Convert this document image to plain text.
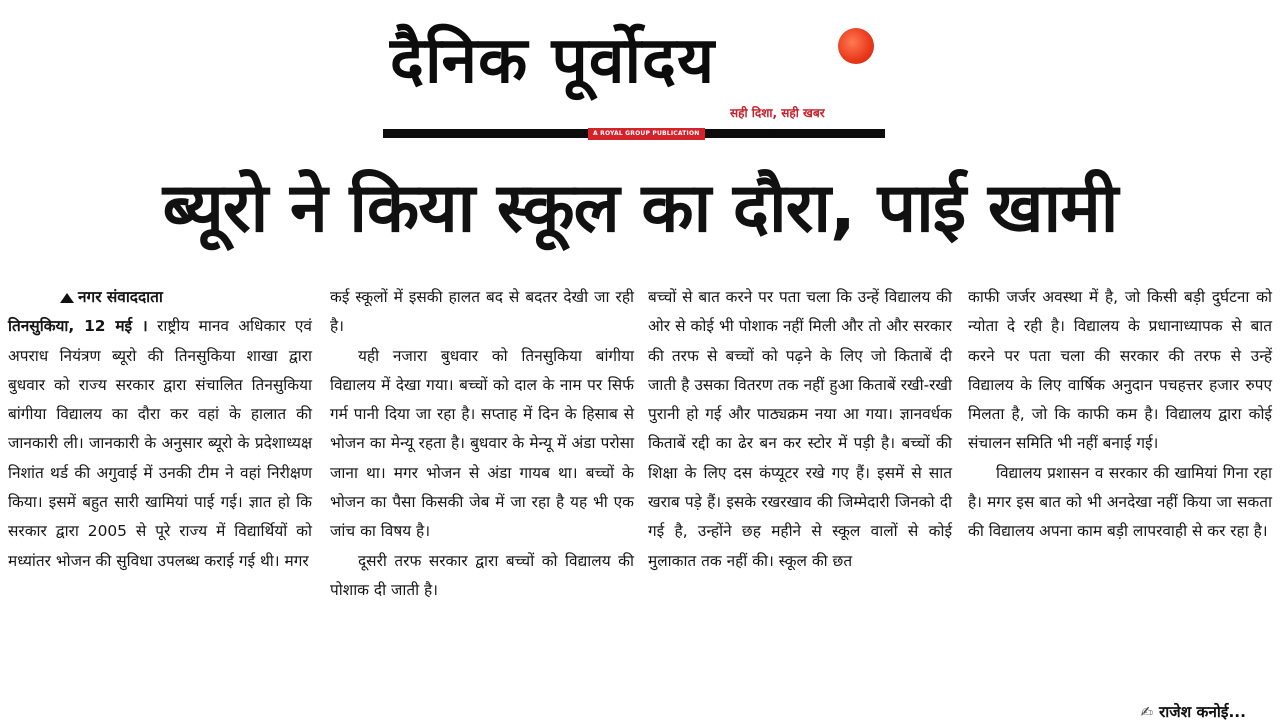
दैनिक पूर्वोदय
सही दिशा, सही खबर
A ROYAL GROUP PUBLICATION
ब्यूरो ने किया स्कूल का दौरा, पाई खामी

नगर संवाददाता

तिनसुकिया, 12 मई । राष्ट्रीय मानव अधिकार एवं अपराध नियंत्रण ब्यूरो की तिनसुकिया शाखा द्वारा बुधवार को राज्य सरकार द्वारा संचालित तिनसुकिया बांगीया विद्यालय का दौरा कर वहां के हालात की जानकारी ली। जानकारी के अनुसार ब्यूरो के प्रदेशाध्यक्ष निशांत थर्ड की अगुवाई में उनकी टीम ने वहां निरीक्षण किया। इसमें बहुत सारी खामियां पाई गई। ज्ञात हो कि सरकार द्वारा 2005 से पूरे राज्य में विद्यार्थियों को मध्यांतर भोजन की सुविधा उपलब्ध कराई गई थी। मगर

कई स्कूलों में इसकी हालत बद से बदतर देखी जा रही है।

यही नजारा बुधवार को तिनसुकिया बांगीया विद्यालय में देखा गया। बच्चों को दाल के नाम पर सिर्फ गर्म पानी दिया जा रहा है। सप्ताह में दिन के हिसाब से भोजन का मेन्यू रहता है। बुधवार के मेन्यू में अंडा परोसा जाना था। मगर भोजन से अंडा गायब था। बच्चों के भोजन का पैसा किसकी जेब में जा रहा है यह भी एक जांच का विषय है।

दूसरी तरफ सरकार द्वारा बच्चों को विद्यालय की पोशाक दी जाती है।

बच्चों से बात करने पर पता चला कि उन्हें विद्यालय की ओर से कोई भी पोशाक नहीं मिली और तो और सरकार की तरफ से बच्चों को पढ़ने के लिए जो किताबें दी जाती है उसका वितरण तक नहीं हुआ किताबें रखी-रखी पुरानी हो गई और पाठ्यक्रम नया आ गया। ज्ञानवर्धक किताबें रद्दी का ढेर बन कर स्टोर में पड़ी है। बच्चों की शिक्षा के लिए दस कंप्यूटर रखे गए हैं। इसमें से सात खराब पड़े हैं। इसके रखरखाव की जिम्मेदारी जिनको दी गई है, उन्होंने छह महीने से स्कूल वालों से कोई मुलाकात तक नहीं की। स्कूल की छत

काफी जर्जर अवस्था में है, जो किसी बड़ी दुर्घटना को न्योता दे रही है। विद्यालय के प्रधानाध्यापक से बात करने पर पता चला की सरकार की तरफ से उन्हें विद्यालय के लिए वार्षिक अनुदान पचहत्तर हजार रुपए मिलता है, जो कि काफी कम है। विद्यालय द्वारा कोई संचालन समिति भी नहीं बनाई गई।

विद्यालय प्रशासन व सरकार की खामियां गिना रहा है। मगर इस बात को भी अनदेखा नहीं किया जा सकता की विद्यालय अपना काम बड़ी लापरवाही से कर रहा है।

✍ राजेश कनोई...
